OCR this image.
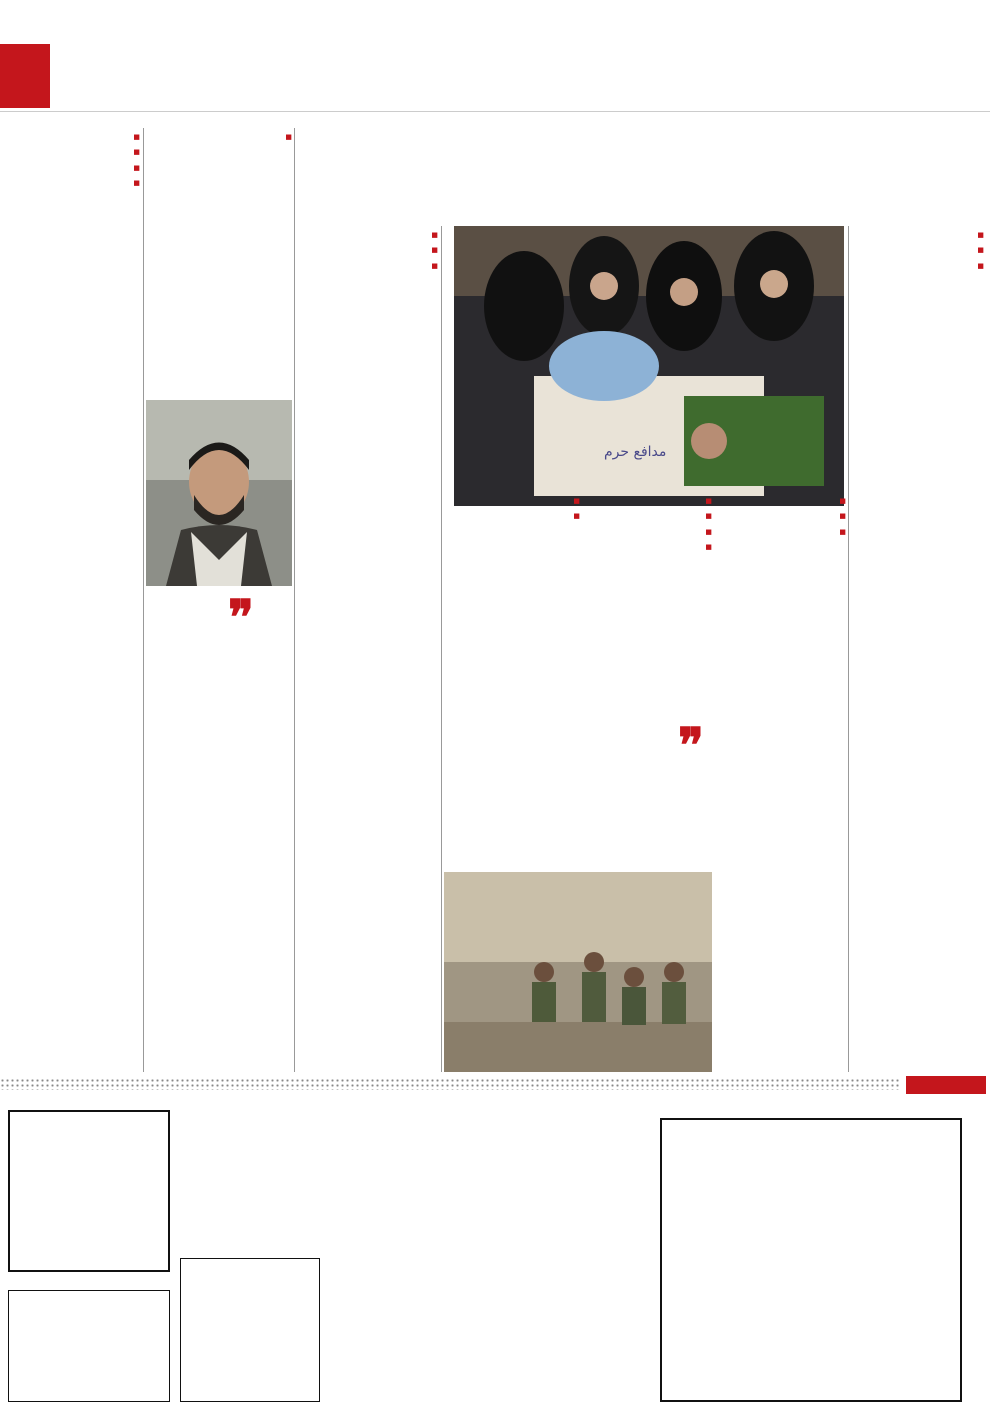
■

■

■

مدافع حرم

■

■

■

■

■

■

■

❞

■

■

■

■

■

■

■

❞

■

■

■

■
